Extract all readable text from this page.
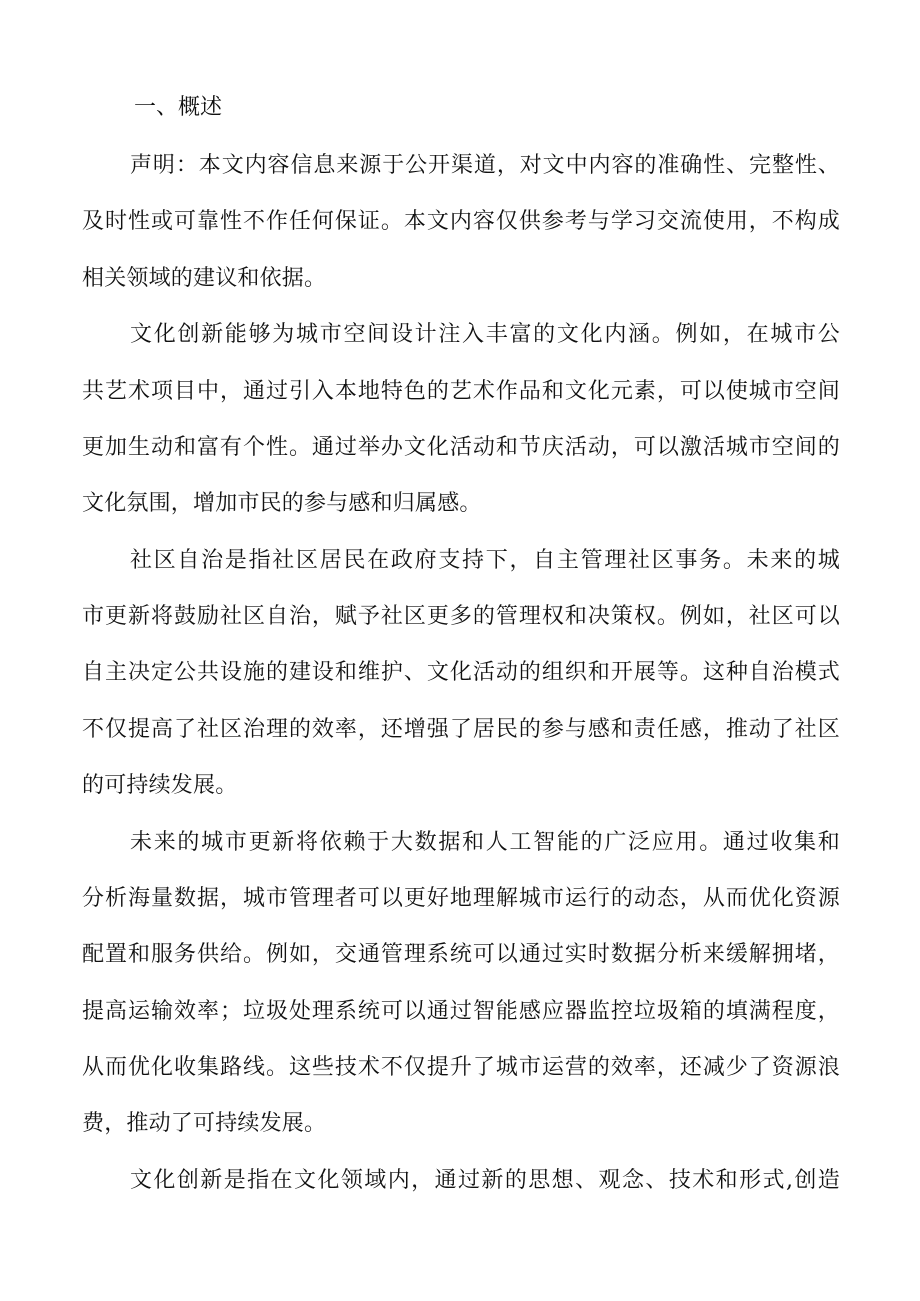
一、概述
声明：本文内容信息来源于公开渠道，对文中内容的准确性、完整性、
及时性或可靠性不作任何保证。本文内容仅供参考与学习交流使用，不构成
相关领域的建议和依据。
文化创新能够为城市空间设计注入丰富的文化内涵。例如，在城市公
共艺术项目中，通过引入本地特色的艺术作品和文化元素，可以使城市空间
更加生动和富有个性。通过举办文化活动和节庆活动，可以激活城市空间的
文化氛围，增加市民的参与感和归属感。
社区自治是指社区居民在政府支持下，自主管理社区事务。未来的城
市更新将鼓励社区自治，赋予社区更多的管理权和决策权。例如，社区可以
自主决定公共设施的建设和维护、文化活动的组织和开展等。这种自治模式
不仅提高了社区治理的效率，还增强了居民的参与感和责任感，推动了社区
的可持续发展。
未来的城市更新将依赖于大数据和人工智能的广泛应用。通过收集和
分析海量数据，城市管理者可以更好地理解城市运行的动态，从而优化资源
配置和服务供给。例如，交通管理系统可以通过实时数据分析来缓解拥堵，
提高运输效率；垃圾处理系统可以通过智能感应器监控垃圾箱的填满程度，
从而优化收集路线。这些技术不仅提升了城市运营的效率，还减少了资源浪
费，推动了可持续发展。
文化创新是指在文化领域内，通过新的思想、观念、技术和形式,创造
